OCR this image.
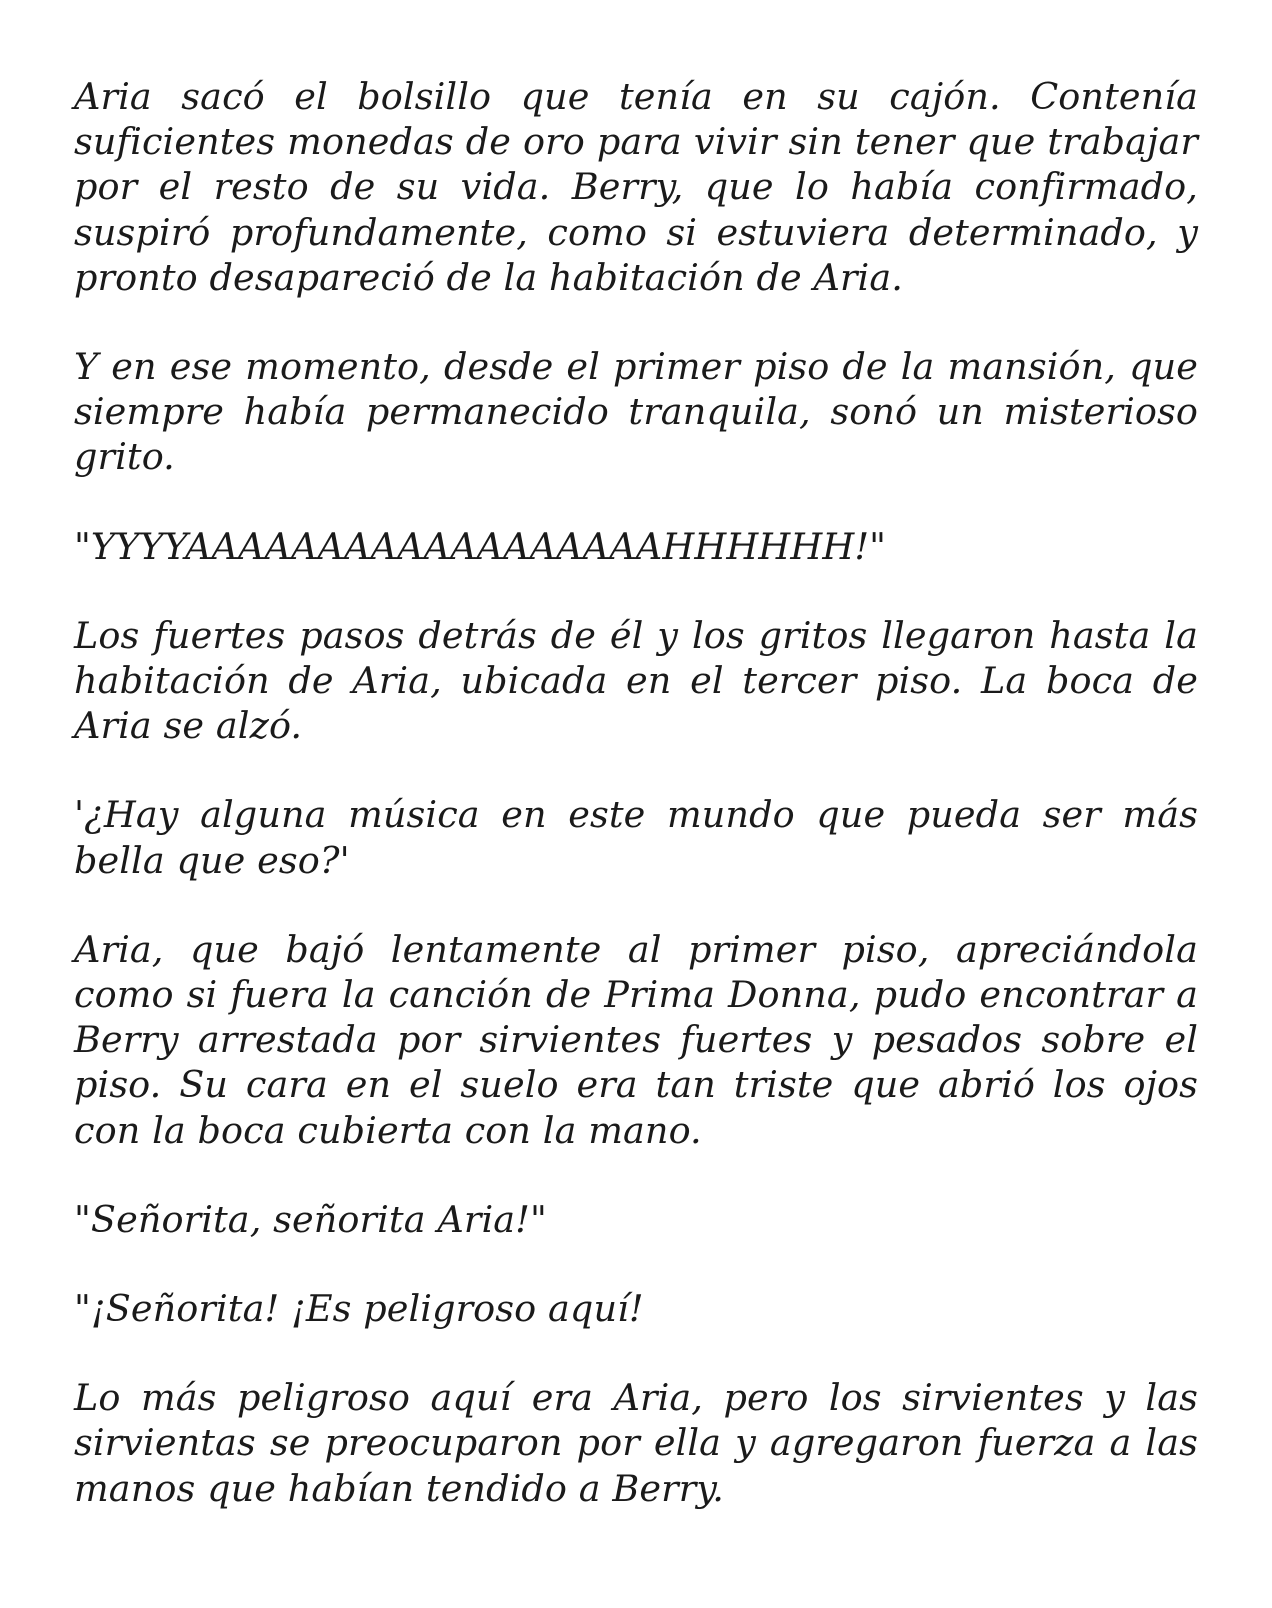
Aria sacó el bolsillo que tenía en su cajón. Contenía suficientes monedas de oro para vivir sin tener que trabajar por el resto de su vida. Berry, que lo había confirmado, suspiró profundamente, como si estuviera determinado, y pronto desapareció de la habitación de Aria.

Y en ese momento, desde el primer piso de la mansión, que siempre había permanecido tranquila, sonó un misterioso grito.

"YYYYAAAAAAAAAAAAAAAAAAHHHHHH!"

Los fuertes pasos detrás de él y los gritos llegaron hasta la habitación de Aria, ubicada en el tercer piso. La boca de Aria se alzó.

'¿Hay alguna música en este mundo que pueda ser más bella que eso?'

Aria, que bajó lentamente al primer piso, apreciándola como si fuera la canción de Prima Donna, pudo encontrar a Berry arrestada por sirvientes fuertes y pesados sobre el piso. Su cara en el suelo era tan triste que abrió los ojos con la boca cubierta con la mano.

"Señorita, señorita Aria!"

"¡Señorita! ¡Es peligroso aquí!

Lo más peligroso aquí era Aria, pero los sirvientes y las sirvientas se preocuparon por ella y agregaron fuerza a las manos que habían tendido a Berry.
